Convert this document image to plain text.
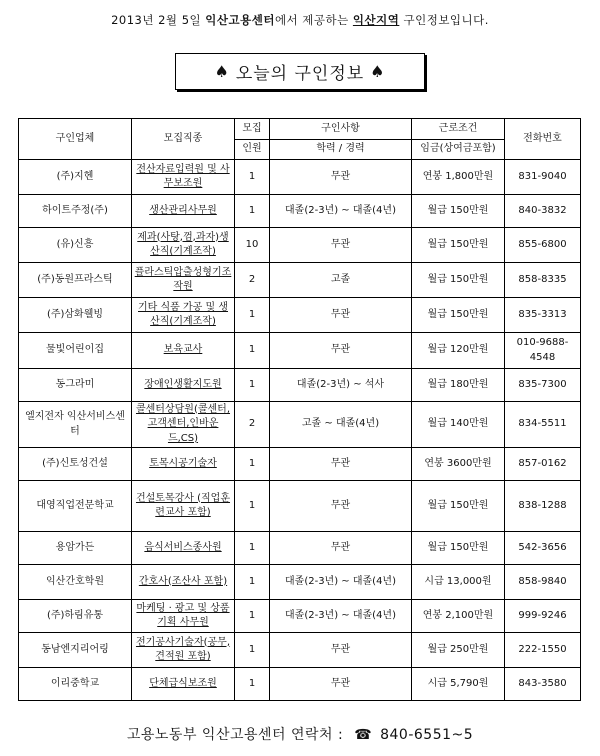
2013년 2월 5일 익산고용센터에서 제공하는 익산지역 구인정보입니다.
♠ 오늘의 구인정보 ♠
구인업체	모집직종	모집	구인사항	근로조건	전화번호
		인원	학력 / 경력	임금(상여금포함)	
(주)지헨	전산자료입력원 및 사무보조원	1	무관	연봉 1,800만원	831-9040
하이트주정(주)	생산관리사무원	1	대졸(2-3년) ~ 대졸(4년)	월급 150만원	840-3832
(유)신흥	제과(사탕,껌,과자)생산직(기계조작)	10	무관	월급 150만원	855-6800
(주)동원프라스틱	플라스틱압출성형기조작원	2	고졸	월급 150만원	858-8335
(주)삼화웰빙	기타 식품 가공 및 생산직(기계조작)	1	무관	월급 150만원	835-3313
물빛어린이집	보육교사	1	무관	월급 120만원	010-9688-4548
동그라미	장애인생활지도원	1	대졸(2-3년) ~ 석사	월급 180만원	835-7300
엘지전자 익산서비스센터	콜센터상담원(콜센터,고객센터,인바운드,CS)	2	고졸 ~ 대졸(4년)	월급 140만원	834-5511
(주)신토성건설	토목시공기술자	1	무관	연봉 3600만원	857-0162
대영직업전문학교	건설토목강사 (직업훈련교사 포함)	1	무관	월급 150만원	838-1288
용암가든	음식서비스종사원	1	무관	월급 150만원	542-3656
익산간호학원	간호사(조산사 포함)	1	대졸(2-3년) ~ 대졸(4년)	시급 13,000원	858-9840
(주)하림유통	마케팅 · 광고 및 상품기획 사무원	1	대졸(2-3년) ~ 대졸(4년)	연봉 2,100만원	999-9246
동남엔지리어링	전기공사기술자(공무,견적원 포함)	1	무관	월급 250만원	222-1550
이리중학교	단체급식보조원	1	무관	시급 5,790원	843-3580
고용노동부 익산고용센터 연락처 : ☎ 840-6551~5
